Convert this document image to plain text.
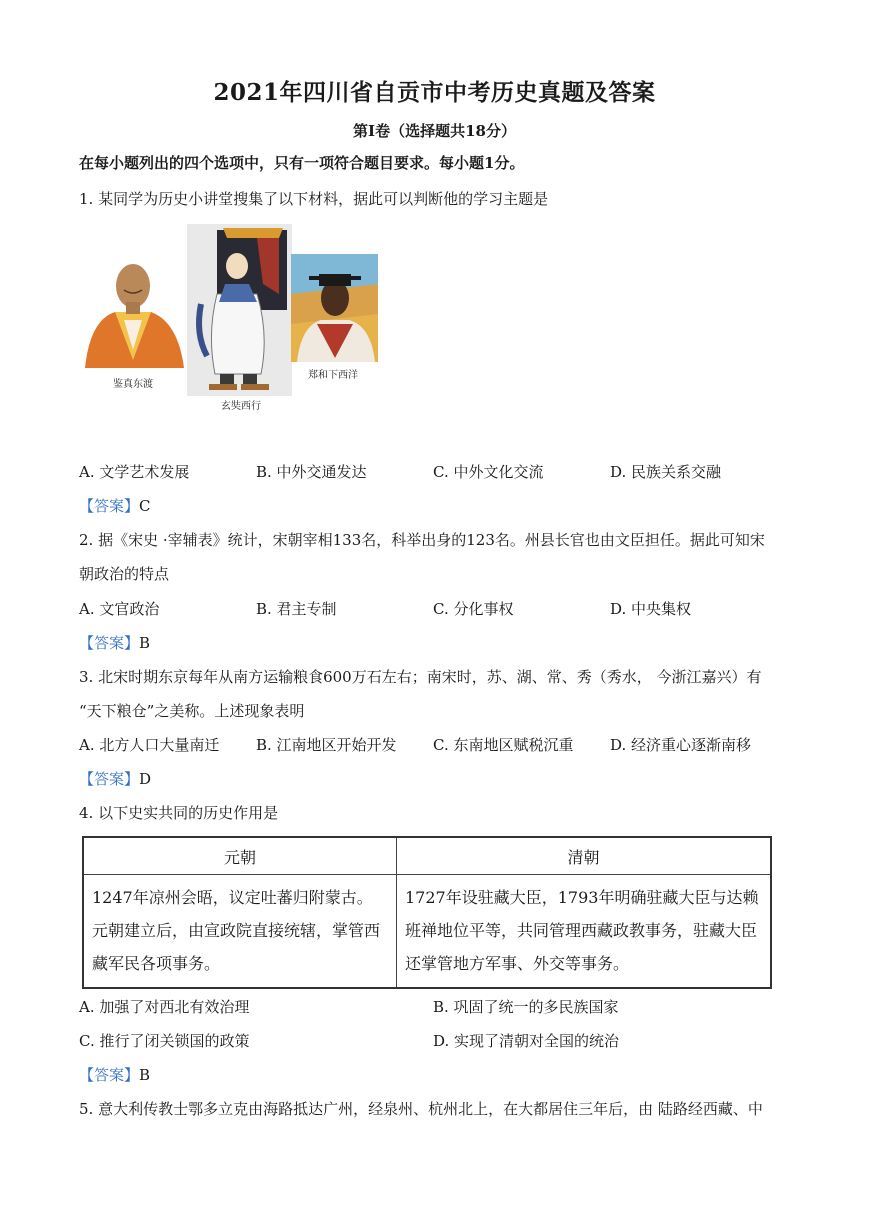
2021年四川省自贡市中考历史真题及答案
第Ⅰ卷（选择题共18分）
在每小题列出的四个选项中，只有一项符合题目要求。每小题1分。
1. 某同学为历史小讲堂搜集了以下材料，据此可以判断他的学习主题是
鉴真东渡
玄奘西行
郑和下西洋
A. 文学艺术发展	B. 中外交通发达	C. 中外文化交流	D. 民族关系交融
【答案】C
2. 据《宋史 ·宰辅表》统计，宋朝宰相133名，科举出身的123名。州县长官也由文臣担任。据此可知宋
朝政治的特点
A. 文官政治	B. 君主专制	C. 分化事权	D. 中央集权
【答案】B
3. 北宋时期东京每年从南方运输粮食600万石左右；南宋时，苏、湖、常、秀（秀水， 今浙江嘉兴）有
“天下粮仓”之美称。上述现象表明
A. 北方人口大量南迁 B. 江南地区开始开发 C. 东南地区赋税沉重 D. 经济重心逐渐南移
【答案】D
4. 以下史实共同的历史作用是
元朝	清朝
1247年凉州会晤，议定吐蕃归附蒙古。元朝建立后，由宣政院直接统辖，掌管西藏军民各项事务。	1727年设驻藏大臣，1793年明确驻藏大臣与达赖班禅地位平等，共同管理西藏政教事务，驻藏大臣还掌管地方军事、外交等事务。
A. 加强了对西北有效治理	B. 巩固了统一的多民族国家
C. 推行了闭关锁国的政策	D. 实现了清朝对全国的统治
【答案】B
5. 意大利传教士鄂多立克由海路抵达广州，经泉州、杭州北上，在大都居住三年后，由 陆路经西藏、中
